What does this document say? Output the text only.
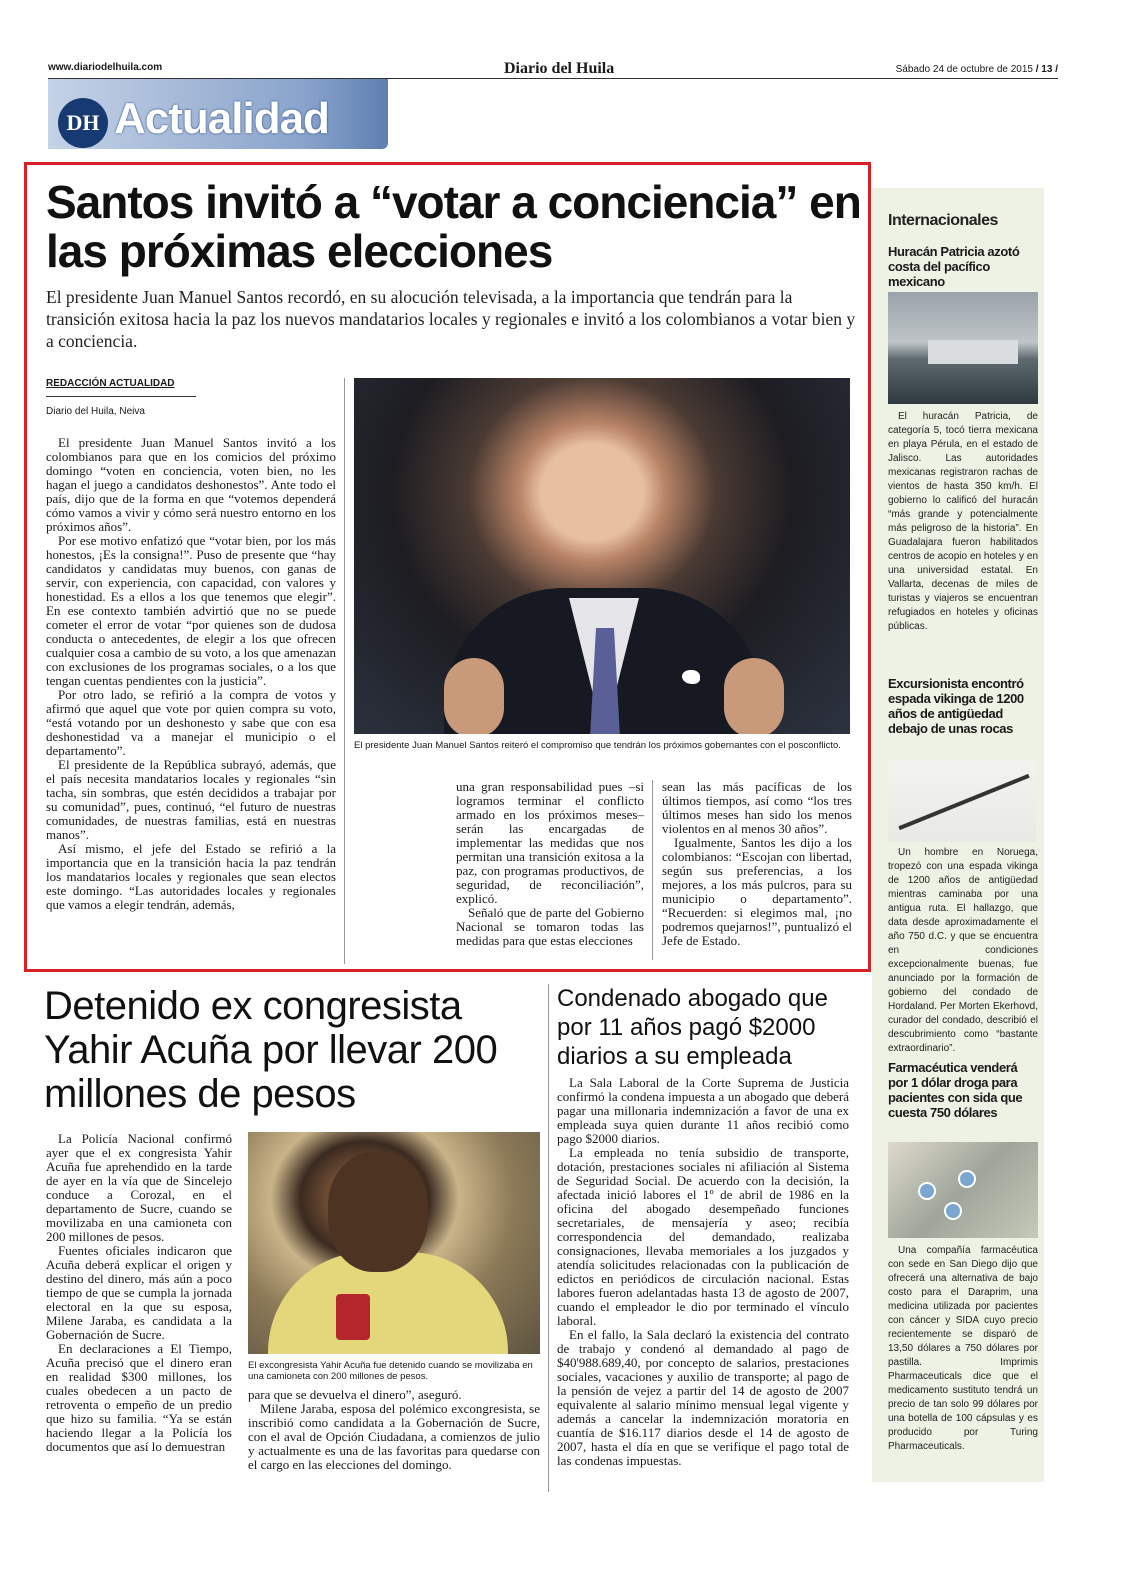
www.diariodelhuila.com	Diario del Huila	Sábado 24 de octubre de 2015 / 13 /
DH Actualidad
Santos invitó a “votar a conciencia” en las próximas elecciones
El presidente Juan Manuel Santos recordó, en su alocución televisada, a la importancia que tendrán para la transición exitosa hacia la paz los nuevos mandatarios locales y regionales e invitó a los colombianos a votar bien y a conciencia.
REDACCIÓN ACTUALIDAD
Diario del Huila, Neiva

El presidente Juan Manuel Santos invitó a los colombianos para que en los comicios del próximo domingo “voten en conciencia, voten bien, no les hagan el juego a candidatos deshonestos”. Ante todo el país, dijo que de la forma en que “votemos dependerá cómo vamos a vivir y cómo será nuestro entorno en los próximos años”.

Por ese motivo enfatizó que “votar bien, por los más honestos, ¡Es la consigna!”. Puso de presente que “hay candidatos y candidatas muy buenos, con ganas de servir, con experiencia, con capacidad, con valores y honestidad. Es a ellos a los que tenemos que elegir”. En ese contexto también advirtió que no se puede cometer el error de votar “por quienes son de dudosa conducta o antecedentes, de elegir a los que ofrecen cualquier cosa a cambio de su voto, a los que amenazan con exclusiones de los programas sociales, o a los que tengan cuentas pendientes con la justicia”.

Por otro lado, se refirió a la compra de votos y afirmó que aquel que vote por quien compra su voto, “está votando por un deshonesto y sabe que con esa deshonestidad va a manejar el municipio o el departamento”.

El presidente de la República subrayó, además, que el país necesita mandatarios locales y regionales “sin tacha, sin sombras, que estén decididos a trabajar por su comunidad”, pues, continuó, “el futuro de nuestras comunidades, de nuestras familias, está en nuestras manos”.

Así mismo, el jefe del Estado se refirió a la importancia que en la transición hacia la paz tendrán los mandatarios locales y regionales que sean electos este domingo. “Las autoridades locales y regionales que vamos a elegir tendrán, además,

El presidente Juan Manuel Santos reiteró el compromiso que tendrán los próximos gobernantes con el posconflicto.

una gran responsabilidad pues –si logramos terminar el conflicto armado en los próximos meses– serán las encargadas de implementar las medidas que nos permitan una transición exitosa a la paz, con programas productivos, de seguridad, de reconciliación”, explicó.

Señaló que de parte del Gobierno Nacional se tomaron todas las medidas para que estas elecciones

sean las más pacíficas de los últimos tiempos, así como “los tres últimos meses han sido los menos violentos en al menos 30 años”.

Igualmente, Santos les dijo a los colombianos: “Escojan con libertad, según sus preferencias, a los mejores, a los más pulcros, para su municipio o departamento”. “Recuerden: si elegimos mal, ¡no podremos quejarnos!”, puntualizó el Jefe de Estado.

Detenido ex congresista Yahir Acuña por llevar 200 millones de pesos

La Policía Nacional confirmó ayer que el ex congresista Yahir Acuña fue aprehendido en la tarde de ayer en la vía que de Sincelejo conduce a Corozal, en el departamento de Sucre, cuando se movilizaba en una camioneta con 200 millones de pesos.

Fuentes oficiales indicaron que Acuña deberá explicar el origen y destino del dinero, más aún a poco tiempo de que se cumpla la jornada electoral en la que su esposa, Milene Jaraba, es candidata a la Gobernación de Sucre.

En declaraciones a El Tiempo, Acuña precisó que el dinero eran en realidad $300 millones, los cuales obedecen a un pacto de retroventa o empeño de un predio que hizo su familia. “Ya se están haciendo llegar a la Policía los documentos que así lo demuestran

El excongresista Yahir Acuña fue detenido cuando se movilizaba en una camioneta con 200 millones de pesos.

para que se devuelva el dinero”, aseguró.

Milene Jaraba, esposa del polémico excongresista, se inscribió como candidata a la Gobernación de Sucre, con el aval de Opción Ciudadana, a comienzos de julio y actualmente es una de las favoritas para quedarse con el cargo en las elecciones del domingo.

Condenado abogado que por 11 años pagó $2000 diarios a su empleada

La Sala Laboral de la Corte Suprema de Justicia confirmó la condena impuesta a un abogado que deberá pagar una millonaria indemnización a favor de una ex empleada suya quien durante 11 años recibió como pago $2000 diarios.

La empleada no tenía subsidio de transporte, dotación, prestaciones sociales ni afiliación al Sistema de Seguridad Social. De acuerdo con la decisión, la afectada inició labores el 1º de abril de 1986 en la oficina del abogado desempeñado funciones secretariales, de mensajería y aseo; recibía correspondencia del demandado, realizaba consignaciones, llevaba memoriales a los juzgados y atendía solicitudes relacionadas con la publicación de edictos en periódicos de circulación nacional. Estas labores fueron adelantadas hasta 13 de agosto de 2007, cuando el empleador le dio por terminado el vínculo laboral.

En el fallo, la Sala declaró la existencia del contrato de trabajo y condenó al demandado al pago de $40'988.689,40, por concepto de salarios, prestaciones sociales, vacaciones y auxilio de transporte; al pago de la pensión de vejez a partir del 14 de agosto de 2007 equivalente al salario mínimo mensual legal vigente y además a cancelar la indemnización moratoria en cuantía de $16.117 diarios desde el 14 de agosto de 2007, hasta el día en que se verifique el pago total de las condenas impuestas.

Internacionales
Huracán Patricia azotó costa del pacífico mexicano

El huracán Patricia, de categoría 5, tocó tierra mexicana en playa Pérula, en el estado de Jalisco. Las autoridades mexicanas registraron rachas de vientos de hasta 350 km/h. El gobierno lo calificó del huracán “más grande y potencialmente más peligroso de la historia”. En Guadalajara fueron habilitados centros de acopio en hoteles y en una universidad estatal. En Vallarta, decenas de miles de turistas y viajeros se encuentran refugiados en hoteles y oficinas públicas.

Excursionista encontró espada vikinga de 1200 años de antigüedad debajo de unas rocas

Un hombre en Noruega, tropezó con una espada vikinga de 1200 años de antigüedad mientras caminaba por una antigua ruta. El hallazgo, que data desde aproximadamente el año 750 d.C. y que se encuentra en condiciones excepcionalmente buenas, fue anunciado por la formación de gobierno del condado de Hordaland. Per Morten Ekerhovd, curador del condado, describió el descubrimiento como “bastante extraordinario”.

Farmacéutica venderá por 1 dólar droga para pacientes con sida que cuesta 750 dólares

Una compañía farmacéutica con sede en San Diego dijo que ofrecerá una alternativa de bajo costo para el Daraprim, una medicina utilizada por pacientes con cáncer y SIDA cuyo precio recientemente se disparó de 13,50 dólares a 750 dólares por pastilla. Imprimis Pharmaceuticals dice que el medicamento sustituto tendrá un precio de tan solo 99 dólares por una botella de 100 cápsulas y es producido por Turing Pharmaceuticals.
